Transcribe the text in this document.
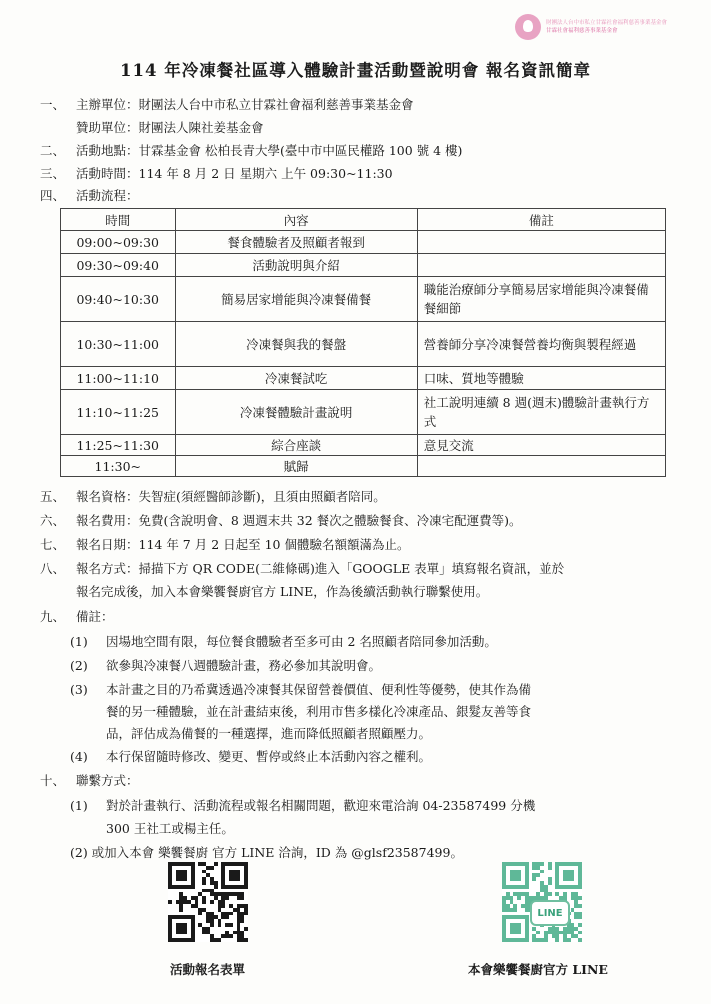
財團法人台中市私立甘霖社會福利慈善事業基金會
甘霖社會福利慈善事業基金會
114 年冷凍餐社區導入體驗計畫活動暨說明會 報名資訊簡章
一、 主辦單位：財團法人台中市私立甘霖社會福利慈善事業基金會
贊助單位：財團法人陳社姜基金會
二、 活動地點：甘霖基金會 松柏長青大學(臺中市中區民權路 100 號 4 樓)
三、 活動時間：114 年 8 月 2 日 星期六 上午 09:30~11:30
四、 活動流程：
時間	內容	備註
09:00~09:30	餐食體驗者及照顧者報到	
09:30~09:40	活動說明與介紹	
09:40~10:30	簡易居家增能與冷凍餐備餐	職能治療師分享簡易居家增能與冷凍餐備餐細節
10:30~11:00	冷凍餐與我的餐盤	營養師分享冷凍餐營養均衡與製程經過
11:00~11:10	冷凍餐試吃	口味、質地等體驗
11:10~11:25	冷凍餐體驗計畫說明	社工說明連續 8 週(週末)體驗計畫執行方式
11:25~11:30	綜合座談	意見交流
11:30~	賦歸	
五、 報名資格：失智症(須經醫師診斷)，且須由照顧者陪同。
六、 報名費用：免費(含說明會、8 週週末共 32 餐次之體驗餐食、冷凍宅配運費等)。
七、 報名日期：114 年 7 月 2 日起至 10 個體驗名額額滿為止。
八、 報名方式：掃描下方 QR CODE(二維條碼)進入「GOOGLE 表單」填寫報名資訊，並於
報名完成後，加入本會樂饗餐廚官方 LINE，作為後續活動執行聯繫使用。
九、 備註：
(1) 因場地空間有限，每位餐食體驗者至多可由 2 名照顧者陪同參加活動。
(2) 欲參與冷凍餐八週體驗計畫，務必參加其說明會。
(3) 本計畫之目的乃希冀透過冷凍餐其保留營養價值、便利性等優勢，使其作為備
餐的另一種體驗，並在計畫結束後，利用市售多樣化冷凍產品、銀髮友善等食
品，評估成為備餐的一種選擇，進而降低照顧者照顧壓力。
(4) 本行保留隨時修改、變更、暫停或終止本活動內容之權利。
十、 聯繫方式：
(1) 對於計畫執行、活動流程或報名相關問題，歡迎來電洽詢 04-23587499 分機
300 王社工或楊主任。
(2) 或加入本會 樂饗餐廚 官方 LINE 洽詢，ID 為 @glsf23587499。
活動報名表單
LINE
本會樂饗餐廚官方 LINE
